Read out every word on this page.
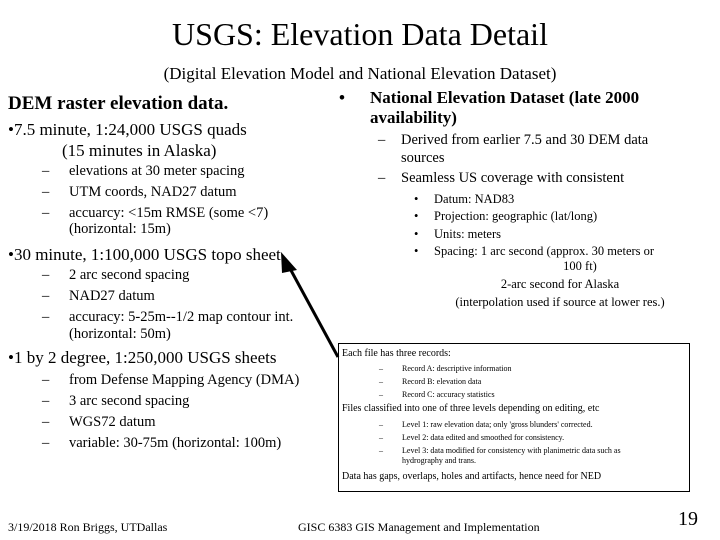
USGS: Elevation Data Detail
(Digital Elevation Model and National Elevation Dataset)
DEM raster elevation data.
•7.5 minute, 1:24,000 USGS quads
(15 minutes in Alaska)
– elevations at 30 meter spacing
– UTM coords, NAD27 datum
– accuarcy: <15m RMSE (some <7)
(horizontal: 15m)
•30 minute, 1:100,000 USGS topo sheet
– 2 arc second spacing
– NAD27 datum
– accuracy: 5-25m--1/2 map contour int.
(horizontal: 50m)
•1 by 2 degree, 1:250,000 USGS sheets
– from Defense Mapping Agency (DMA)
– 3 arc second spacing
– WGS72 datum
– variable: 30-75m (horizontal: 100m)
• National Elevation Dataset (late 2000
availability)
– Derived from earlier 7.5 and 30 DEM data
sources
– Seamless US coverage with consistent
• Datum: NAD83
• Projection: geographic (lat/long)
• Units: meters
• Spacing: 1 arc second (approx. 30 meters or
100 ft)
2-arc second for Alaska
(interpolation used if source at lower res.)
Each file has three records:
– Record A: descriptive information
– Record B: elevation data
– Record C: accuracy statistics
Files classified into one of three levels depending on editing, etc
– Level 1: raw elevation data; only 'gross blunders' corrected.
– Level 2: data edited and smoothed for consistency.
– Level 3: data modified for consistency with planimetric data such as
hydrography and trans.
Data has gaps, overlaps, holes and artifacts, hence need for NED
3/19/2018 Ron Briggs, UTDallas	GISC 6383 GIS Management and Implementation	19
